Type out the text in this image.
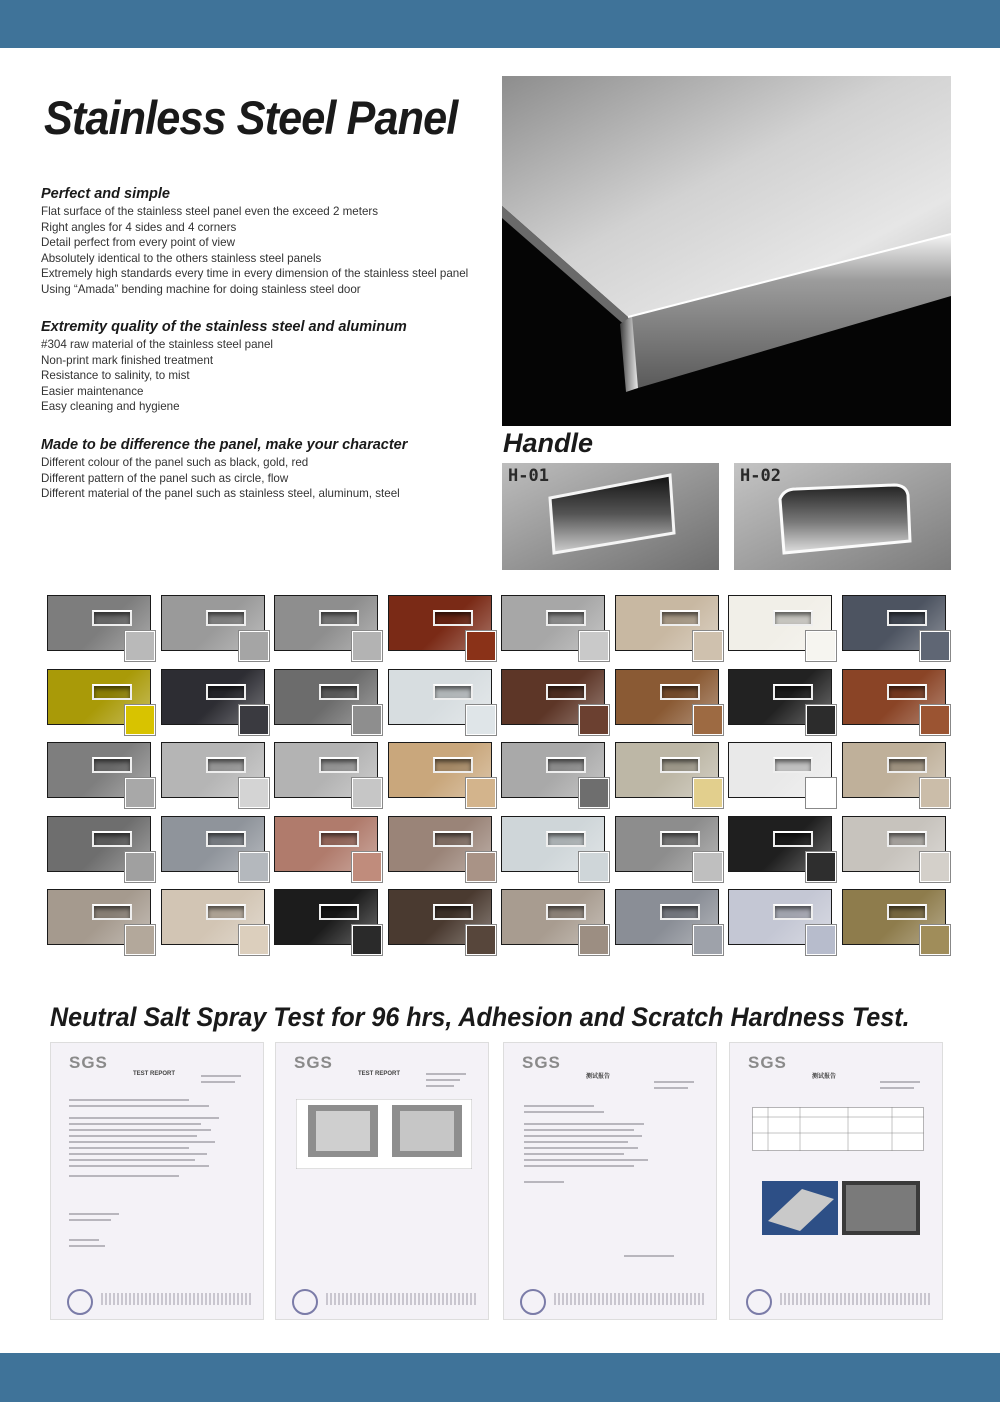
Stainless Steel Panel
Perfect and simple
Flat surface of the stainless steel panel even the exceed 2 meters
Right angles for 4 sides and 4 corners
Detail perfect from every point of view
Absolutely identical to the others stainless steel panels
Extremely high standards every time in every dimension of the stainless steel panel
Using “Amada” bending machine for doing stainless steel door
Extremity quality of the stainless steel and aluminum
#304 raw material of the stainless steel panel
Non-print mark finished treatment
Resistance to salinity, to mist
Easier maintenance
Easy cleaning and hygiene
Made to be difference the panel, make your character
Different colour of the panel such as black, gold, red
Different pattern of the panel such as circle, flow
Different material of the panel such as stainless steel, aluminum, steel
Handle
H-01	H-02
Neutral Salt Spray Test for 96 hrs, Adhesion and Scratch Hardness Test.
SGS
TEST REPORT
SGS
TEST REPORT
SGS
测试报告
SGS
测试报告
